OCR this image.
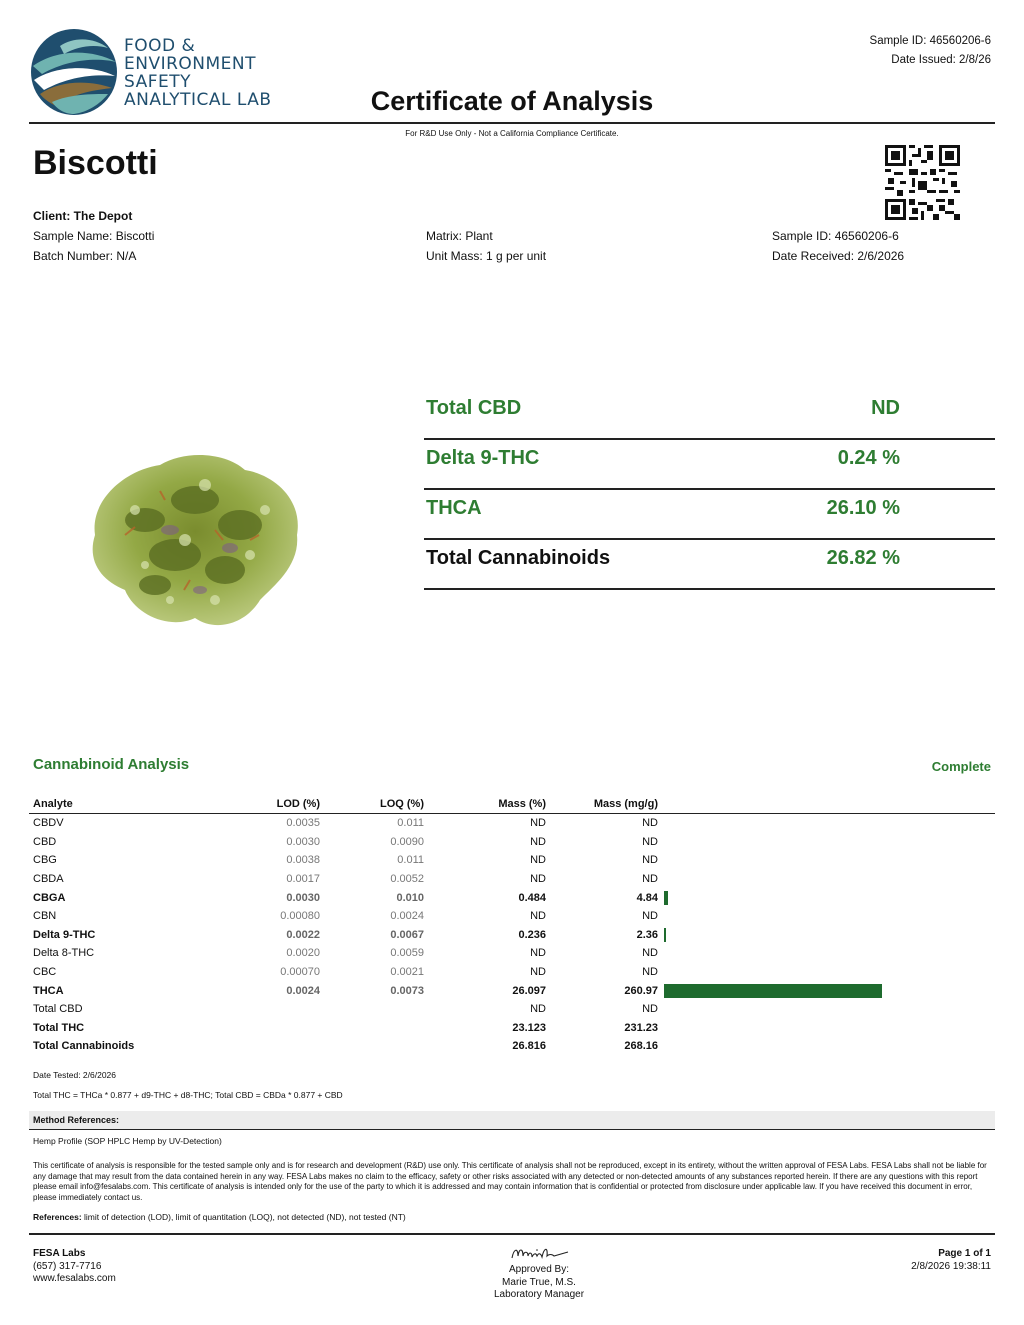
FOOD &
ENVIRONMENT
SAFETY
ANALYTICAL LAB
Sample ID: 46560206-6
Date Issued: 2/8/26
Certificate of Analysis
For R&D Use Only - Not a California Compliance Certificate.
Biscotti
Client: The Depot
Sample Name: Biscotti
Batch Number: N/A
Matrix: Plant
Unit Mass: 1 g per unit
Sample ID: 46560206-6
Date Received: 2/6/2026
Total CBD	ND
Delta 9-THC	0.24 %
THCA	26.10 %
Total Cannabinoids	26.82 %
Cannabinoid Analysis	Complete
Analyte	LOD (%)	LOQ (%)	Mass (%)	Mass (mg/g)	
CBDV	0.0035	0.011	ND	ND	
CBD	0.0030	0.0090	ND	ND	
CBG	0.0038	0.011	ND	ND	
CBDA	0.0017	0.0052	ND	ND	
CBGA	0.0030	0.010	0.484	4.84	
CBN	0.00080	0.0024	ND	ND	
Delta 9-THC	0.0022	0.0067	0.236	2.36	
Delta 8-THC	0.0020	0.0059	ND	ND	
CBC	0.00070	0.0021	ND	ND	
THCA	0.0024	0.0073	26.097	260.97	
Total CBD			ND	ND	
Total THC			23.123	231.23	
Total Cannabinoids			26.816	268.16	
Date Tested: 2/6/2026
Total THC = THCa * 0.877 + d9-THC + d8-THC; Total CBD = CBDa * 0.877 + CBD
Method References:
Hemp Profile (SOP HPLC Hemp by UV-Detection)
This certificate of analysis is responsible for the tested sample only and is for research and development (R&D) use only. This certificate of analysis shall not be reproduced, except in its entirety, without the written approval of FESA Labs. FESA Labs shall not be liable for any damage that may result from the data contained herein in any way. FESA Labs makes no claim to the efficacy, safety or other risks associated with any detected or non-detected amounts of any substances reported herein. If there are any questions with this report please email info@fesalabs.com. This certificate of analysis is intended only for the use of the party to which it is addressed and may contain information that is confidential or protected from disclosure under applicable law. If you have received this document in error, please immediately contact us.
References: limit of detection (LOD), limit of quantitation (LOQ), not detected (ND), not tested (NT)
FESA Labs
(657) 317-7716
www.fesalabs.com
Approved By:
Marie True, M.S.
Laboratory Manager
Page 1 of 1
2/8/2026 19:38:11
